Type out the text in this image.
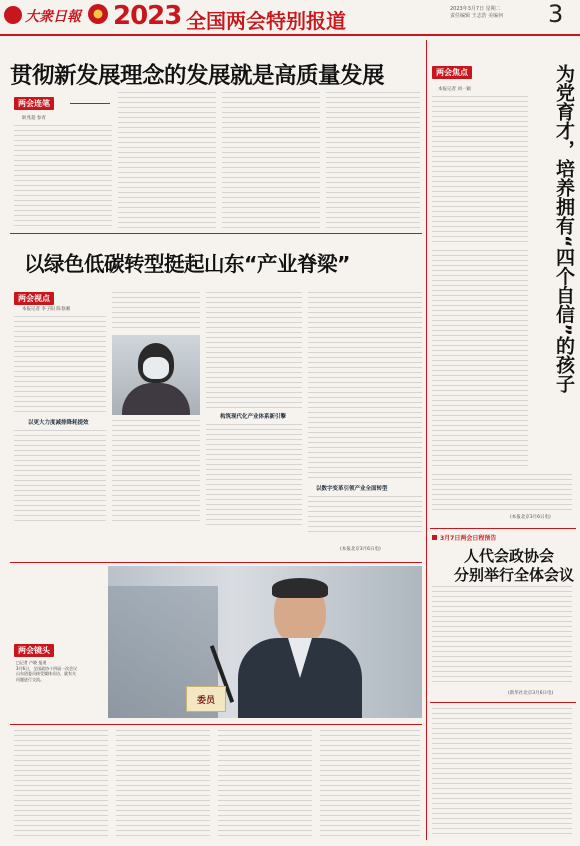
大衆日報 2023 全国两会特别报道	2023年3月7日 星期二
责任编辑 王志浩 美编何 3
贯彻新发展理念的发展就是高质量发展
两会连笔
耿兆超 参青
以绿色低碳转型挺起山东“产业脊梁”
两会视点
本报记者 李子阳 陈春湘
以更大力度减排降耗提效
构筑现代化产业体系新引擎
以数字变革引领产业全面转型
(本报北京3月6日电)
委员
两会镜头
□记者 卢晓 报道
3月6日，全国政协十四届一次会议
山东团委员接受媒体采访，就有关
问题进行交流。
两会焦点
本报记者 刘一颖	为党育才，培养拥有“四个自信”的孩子
(本报北京3月6日电)
3月7日两会日程预告
人代会政协会
分别举行全体会议
(新华社北京3月6日电)
